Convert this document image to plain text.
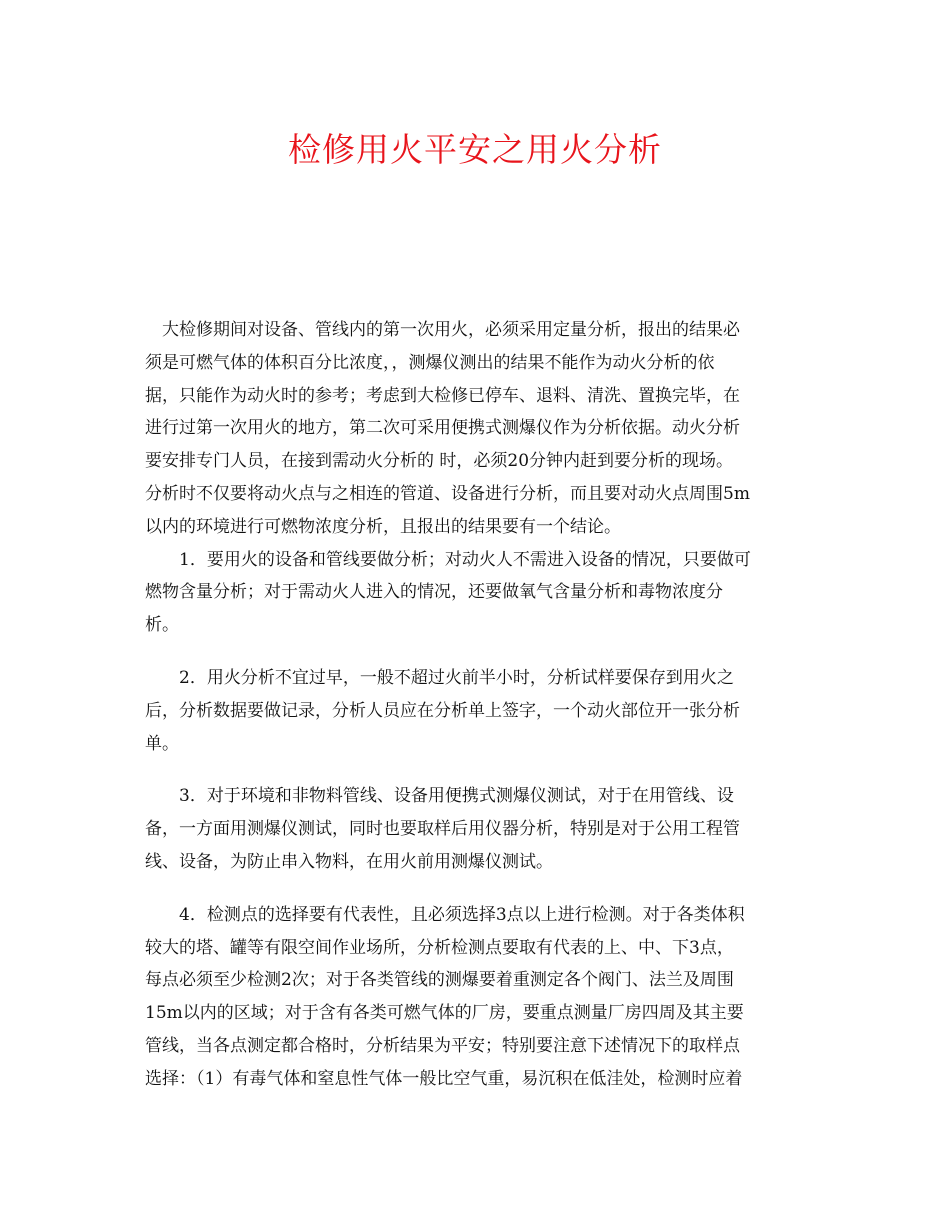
检修用火平安之用火分析

大检修期间对设备、管线内的第一次用火，必须采用定量分析，报出的结果必
须是可燃气体的体积百分比浓度，，测爆仪测出的结果不能作为动火分析的依
据，只能作为动火时的参考；考虑到大检修已停车、退料、清洗、置换完毕，在
进行过第一次用火的地方，第二次可采用便携式测爆仪作为分析依据。动火分析
要安排专门人员，在接到需动火分析的 时，必须20分钟内赶到要分析的现场。
分析时不仅要将动火点与之相连的管道、设备进行分析，而且要对动火点周围5m
以内的环境进行可燃物浓度分析，且报出的结果要有一个结论。

1．要用火的设备和管线要做分析；对动火人不需进入设备的情况，只要做可
燃物含量分析；对于需动火人进入的情况，还要做氧气含量分析和毒物浓度分
析。

2．用火分析不宜过早，一般不超过火前半小时，分析试样要保存到用火之
后，分析数据要做记录，分析人员应在分析单上签字，一个动火部位开一张分析
单。

3．对于环境和非物料管线、设备用便携式测爆仪测试，对于在用管线、设
备，一方面用测爆仪测试，同时也要取样后用仪器分析，特别是对于公用工程管
线、设备，为防止串入物料，在用火前用测爆仪测试。

4．检测点的选择要有代表性，且必须选择3点以上进行检测。对于各类体积
较大的塔、罐等有限空间作业场所，分析检测点要取有代表的上、中、下3点，
每点必须至少检测2次；对于各类管线的测爆要着重测定各个阀门、法兰及周围
15m以内的区域；对于含有各类可燃气体的厂房，要重点测量厂房四周及其主要
管线，当各点测定都合格时，分析结果为平安；特别要注意下述情况下的取样点
选择：（1）有毒气体和窒息性气体一般比空气重，易沉积在低洼处，检测时应着
